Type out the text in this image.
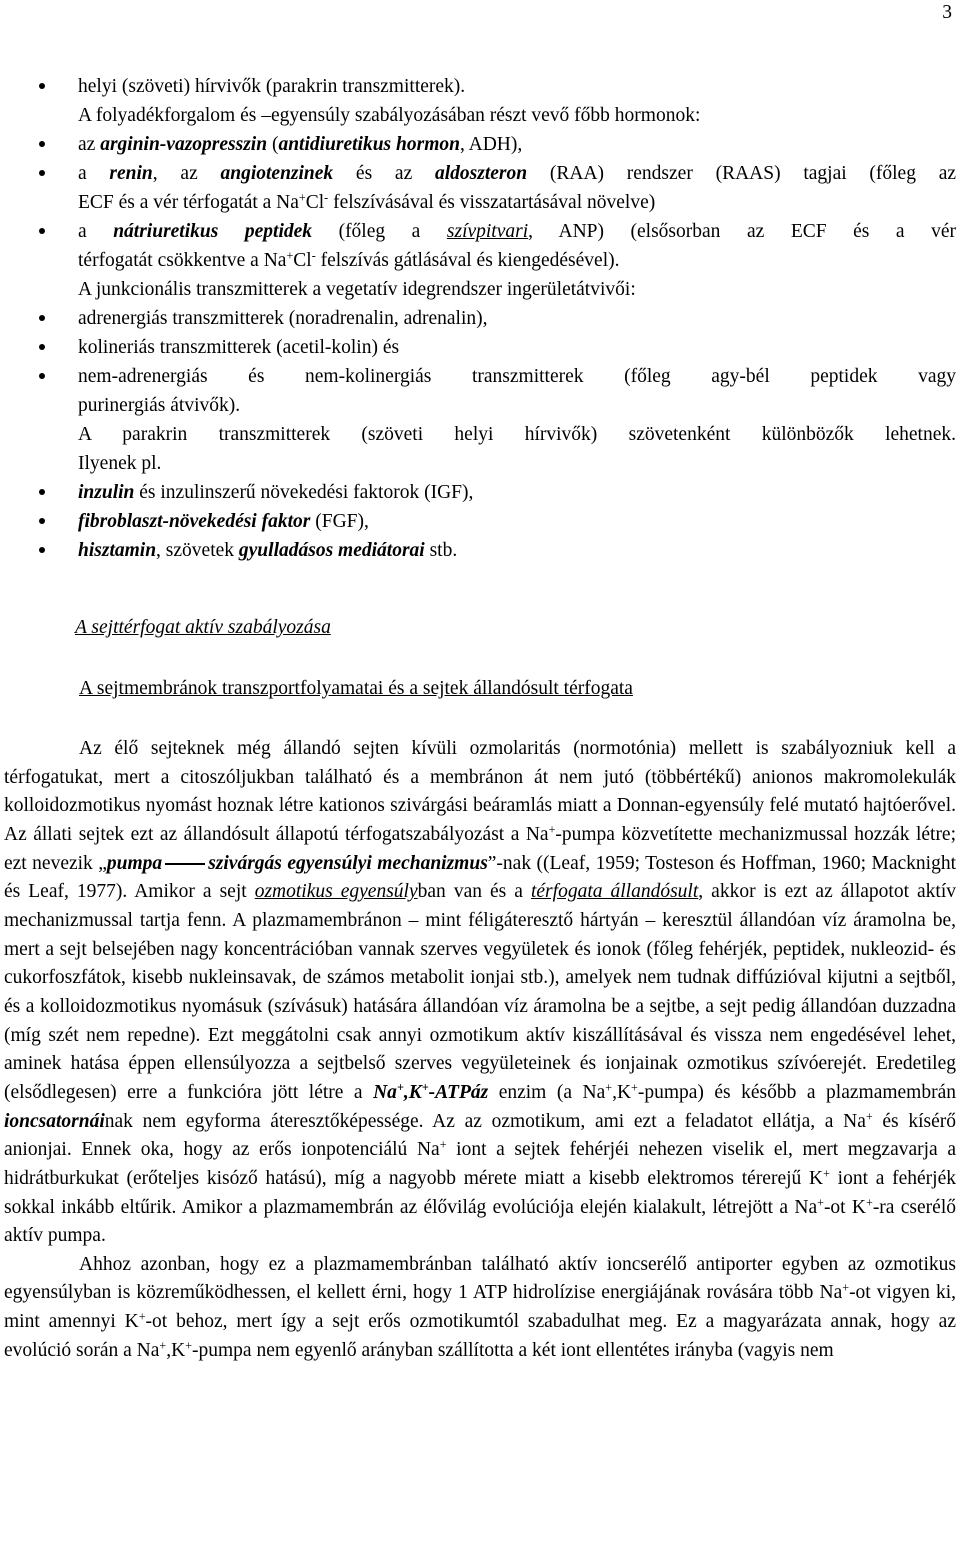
3
helyi (szöveti) hírvivők (parakrin transzmitterek).
A folyadékforgalom és –egyensúly szabályozásában részt vevő főbb hormonok:
az arginin-vazopresszin (antidiuretikus hormon, ADH),
a renin, az angiotenzinek és az aldoszteron (RAA) rendszer (RAAS) tagjai (főleg az
ECF és a vér térfogatát a Na+Cl- felszívásával és visszatartásával növelve)
a nátriuretikus peptidek (főleg a szívpitvari, ANP) (elsősorban az ECF és a vér
térfogatát csökkentve a Na+Cl- felszívás gátlásával és kiengedésével).
A junkcionális transzmitterek a vegetatív idegrendszer ingerületátvivői:
adrenergiás transzmitterek (noradrenalin, adrenalin),
kolineriás transzmitterek (acetil-kolin) és
nem-adrenergiás és nem-kolinergiás transzmitterek (főleg agy-bél peptidek vagy
purinergiás átvivők).
A parakrin transzmitterek (szöveti helyi hírvivők) szövetenként különbözők lehetnek.
Ilyenek pl.
inzulin és inzulinszerű növekedési faktorok (IGF),
fibroblaszt-növekedési faktor (FGF),
hisztamin, szövetek gyulladásos mediátorai stb.
A sejttérfogat aktív szabályozása
A sejtmembránok transzportfolyamatai és a sejtek állandósult térfogata
Az élő sejteknek még állandó sejten kívüli ozmolaritás (normotónia) mellett is szabályozniuk kell a térfogatukat, mert a citoszóljukban található és a membránon át nem jutó (többértékű) anionos makromolekulák kolloidozmotikus nyomást hoznak létre kationos szivárgási beáramlás miatt a Donnan-egyensúly felé mutató hajtóerővel. Az állati sejtek ezt az állandósult állapotú térfogatszabályozást a Na+-pumpa közvetítette mechanizmussal hozzák létre; ezt nevezik „pumpa szivárgás egyensúlyi mechanizmus”-nak ((Leaf, 1959; Tosteson és Hoffman, 1960; Macknight és Leaf, 1977). Amikor a sejt ozmotikus egyensúlyban van és a térfogata állandósult, akkor is ezt az állapotot aktív mechanizmussal tartja fenn. A plazmamembránon – mint féligáteresztő hártyán – keresztül állandóan víz áramolna be, mert a sejt belsejében nagy koncentrációban vannak szerves vegyületek és ionok (főleg fehérjék, peptidek, nukleozid- és cukorfoszfátok, kisebb nukleinsavak, de számos metabolit ionjai stb.), amelyek nem tudnak diffúzióval kijutni a sejtből, és a kolloidozmotikus nyomásuk (szívásuk) hatására állandóan víz áramolna be a sejtbe, a sejt pedig állandóan duzzadna (míg szét nem repedne). Ezt meggátolni csak annyi ozmotikum aktív kiszállításával és vissza nem engedésével lehet, aminek hatása éppen ellensúlyozza a sejtbelső szerves vegyületeinek és ionjainak ozmotikus szívóerejét. Eredetileg (elsődlegesen) erre a funkcióra jött létre a Na+,K+-ATPáz enzim (a Na+,K+-pumpa) és később a plazmamembrán ioncsatornáinak nem egyforma áteresztőképessége. Az az ozmotikum, ami ezt a feladatot ellátja, a Na+ és kísérő anionjai. Ennek oka, hogy az erős ionpotenciálú Na+ iont a sejtek fehérjéi nehezen viselik el, mert megzavarja a hidrátburkukat (erőteljes kisóző hatású), míg a nagyobb mérete miatt a kisebb elektromos térerejű K+ iont a fehérjék sokkal inkább eltűrik. Amikor a plazmamembrán az élővilág evolúciója elején kialakult, létrejött a Na+-ot K+-ra cserélő aktív pumpa.
Ahhoz azonban, hogy ez a plazmamembránban található aktív ioncserélő antiporter egyben az ozmotikus egyensúlyban is közreműködhessen, el kellett érni, hogy 1 ATP hidrolízise energiájának rovására több Na+-ot vigyen ki, mint amennyi K+-ot behoz, mert így a sejt erős ozmotikumtól szabadulhat meg. Ez a magyarázata annak, hogy az evolúció során a Na+,K+-pumpa nem egyenlő arányban szállította a két iont ellentétes irányba (vagyis nem
